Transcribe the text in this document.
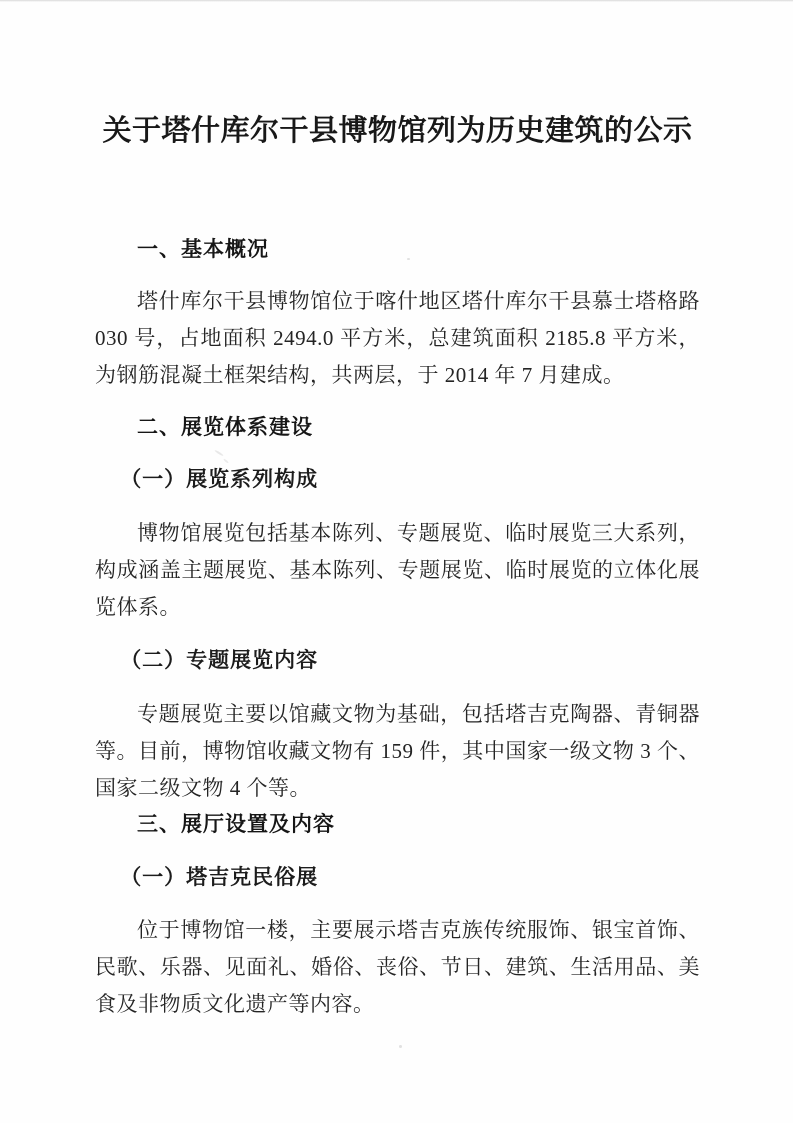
关于塔什库尔干县博物馆列为历史建筑的公示
一、基本概况

塔什库尔干县博物馆位于喀什地区塔什库尔干县慕士塔格路 030 号，占地面积 2494.0 平方米，总建筑面积 2185.8 平方米，为钢筋混凝土框架结构，共两层，于 2014 年 7 月建成。

二、展览体系建设
（一）展览系列构成

博物馆展览包括基本陈列、专题展览、临时展览三大系列，构成涵盖主题展览、基本陈列、专题展览、临时展览的立体化展览体系。

（二）专题展览内容

专题展览主要以馆藏文物为基础，包括塔吉克陶器、青铜器等。目前，博物馆收藏文物有 159 件，其中国家一级文物 3 个、国家二级文物 4 个等。

三、展厅设置及内容
（一）塔吉克民俗展

位于博物馆一楼，主要展示塔吉克族传统服饰、银宝首饰、民歌、乐器、见面礼、婚俗、丧俗、节日、建筑、生活用品、美食及非物质文化遗产等内容。
